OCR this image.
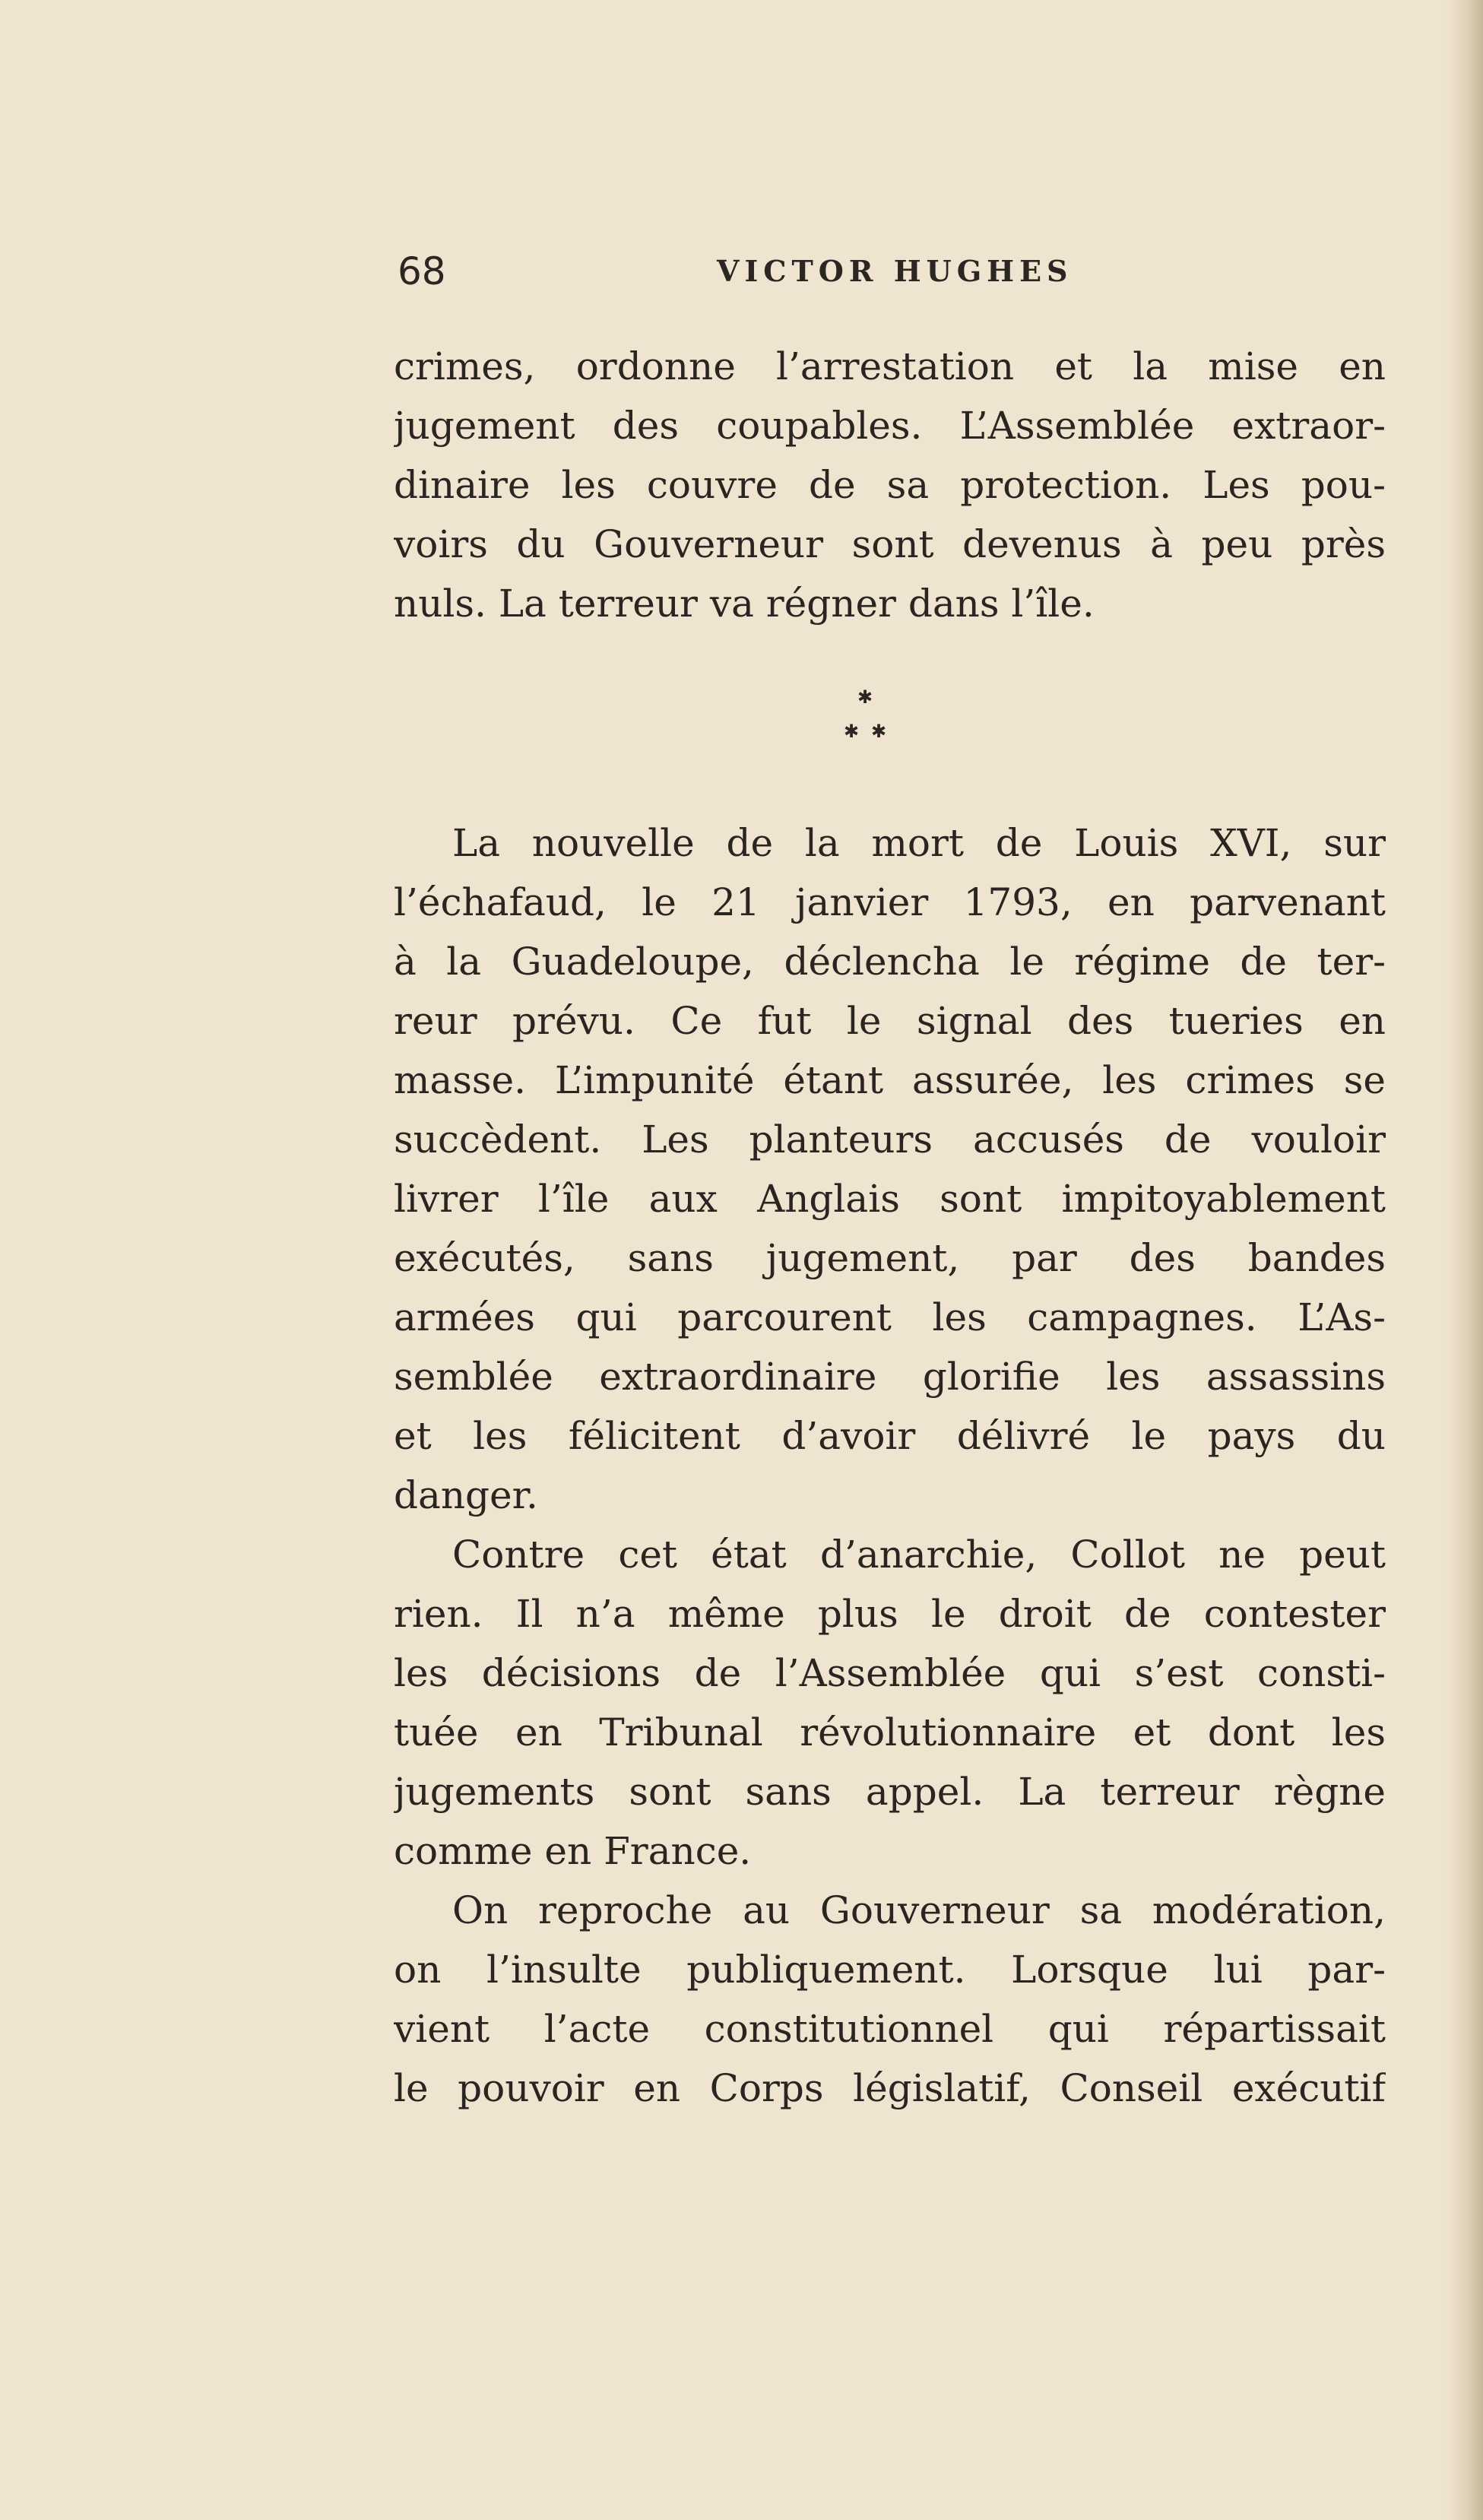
68	VICTOR HUGHES
crimes, ordonne l’arrestation et la mise en
jugement des coupables. L’Assemblée extraor-
dinaire les couvre de sa protection. Les pou-
voirs du Gouverneur sont devenus à peu près
nuls. La terreur va régner dans l’île.
✱
✱ ✱
La nouvelle de la mort de Louis XVI, sur
l’échafaud, le 21 janvier 1793, en parvenant
à la Guadeloupe, déclencha le régime de ter-
reur prévu. Ce fut le signal des tueries en
masse. L’impunité étant assurée, les crimes se
succèdent. Les planteurs accusés de vouloir
livrer l’île aux Anglais sont impitoyablement
exécutés, sans jugement, par des bandes
armées qui parcourent les campagnes. L’As-
semblée extraordinaire glorifie les assassins
et les félicitent d’avoir délivré le pays du
danger.
Contre cet état d’anarchie, Collot ne peut
rien. Il n’a même plus le droit de contester
les décisions de l’Assemblée qui s’est consti-
tuée en Tribunal révolutionnaire et dont les
jugements sont sans appel. La terreur règne
comme en France.
On reproche au Gouverneur sa modération,
on l’insulte publiquement. Lorsque lui par-
vient l’acte constitutionnel qui répartissait
le pouvoir en Corps législatif, Conseil exécutif
